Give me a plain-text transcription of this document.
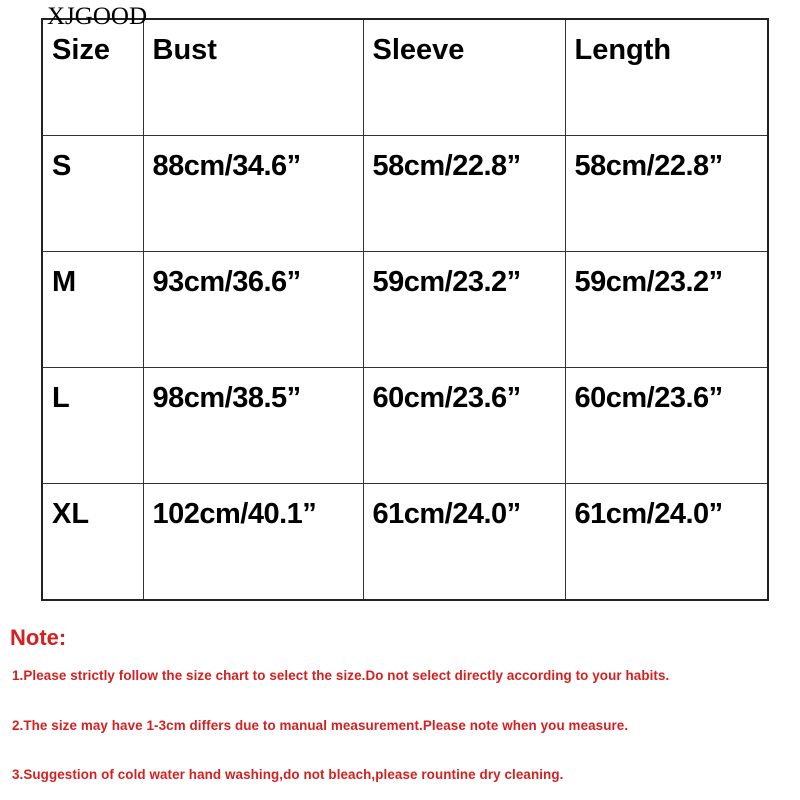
XJGOOD
Size	Bust	Sleeve	Length
S	88cm/34.6”	58cm/22.8”	58cm/22.8”
M	93cm/36.6”	59cm/23.2”	59cm/23.2”
L	98cm/38.5”	60cm/23.6”	60cm/23.6”
XL	102cm/40.1”	61cm/24.0”	61cm/24.0”
Note:
1.Please strictly follow the size chart to select the size.Do not select directly according to your habits.
2.The size may have 1-3cm differs due to manual measurement.Please note when you measure.
3.Suggestion of cold water hand washing,do not bleach,please rountine dry cleaning.
